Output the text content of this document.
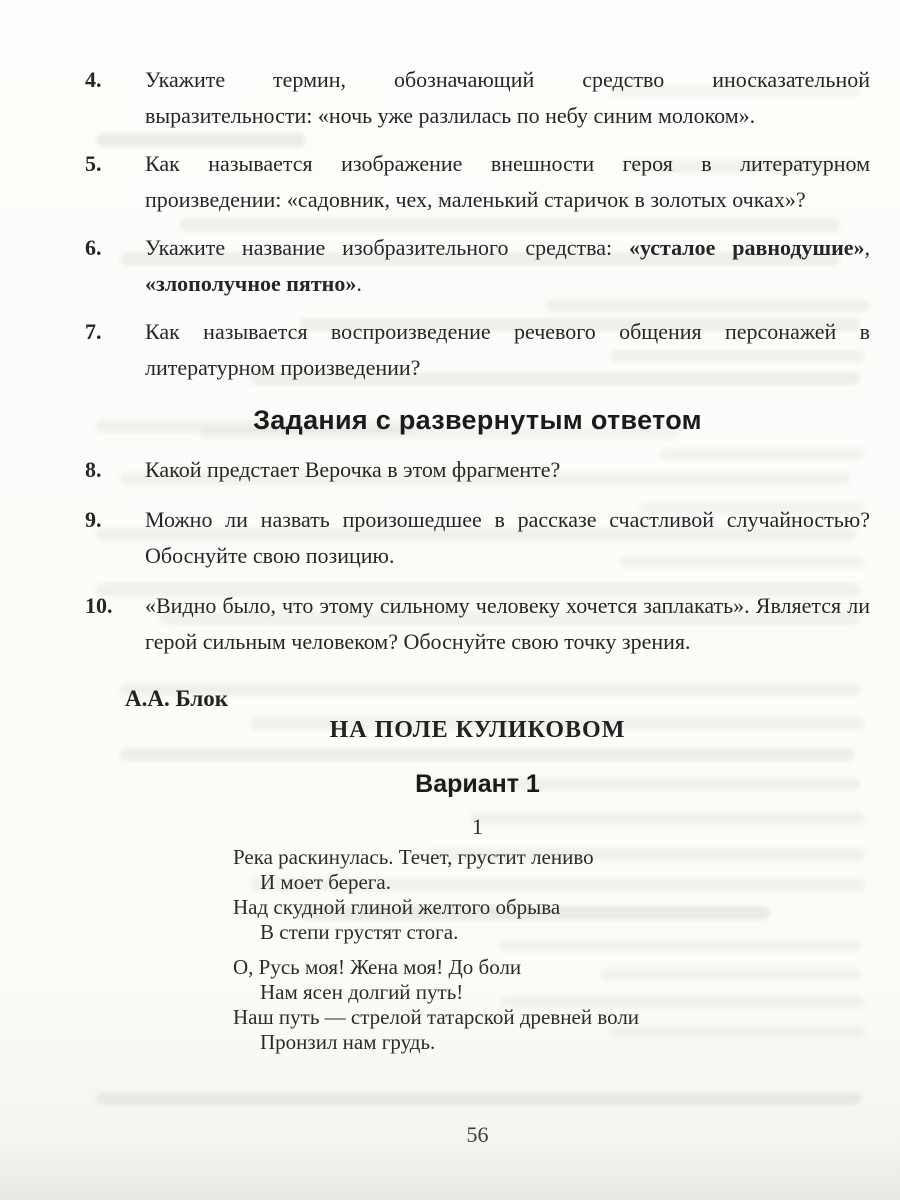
4.	Укажите термин, обозначающий средство иносказательной выразительности: «ночь уже разлилась по небу синим молоком».

5.	Как называется изображение внешности героя в литературном произведении: «садовник, чех, маленький старичок в золотых очках»?

6.	Укажите название изобразительного средства: «усталое равнодушие», «злополучное пятно».

7.	Как называется воспроизведение речевого общения персонажей в литературном произведении?

Задания с развернутым ответом
8.	Какой предстает Верочка в этом фрагменте?

9.	Можно ли назвать произошедшее в рассказе счастливой случайностью? Обоснуйте свою позицию.

10.	«Видно было, что этому сильному человеку хочется заплакать». Является ли герой сильным человеком? Обоснуйте свою точку зрения.

А.А. Блок
НА ПОЛЕ КУЛИКОВОМ
Вариант 1
1
Река раскинулась. Течет, грустит лениво
И моет берега.
Над скудной глиной желтого обрыва
В степи грустят стога.
О, Русь моя! Жена моя! До боли
Нам ясен долгий путь!
Наш путь — стрелой татарской древней воли
Пронзил нам грудь.
56
